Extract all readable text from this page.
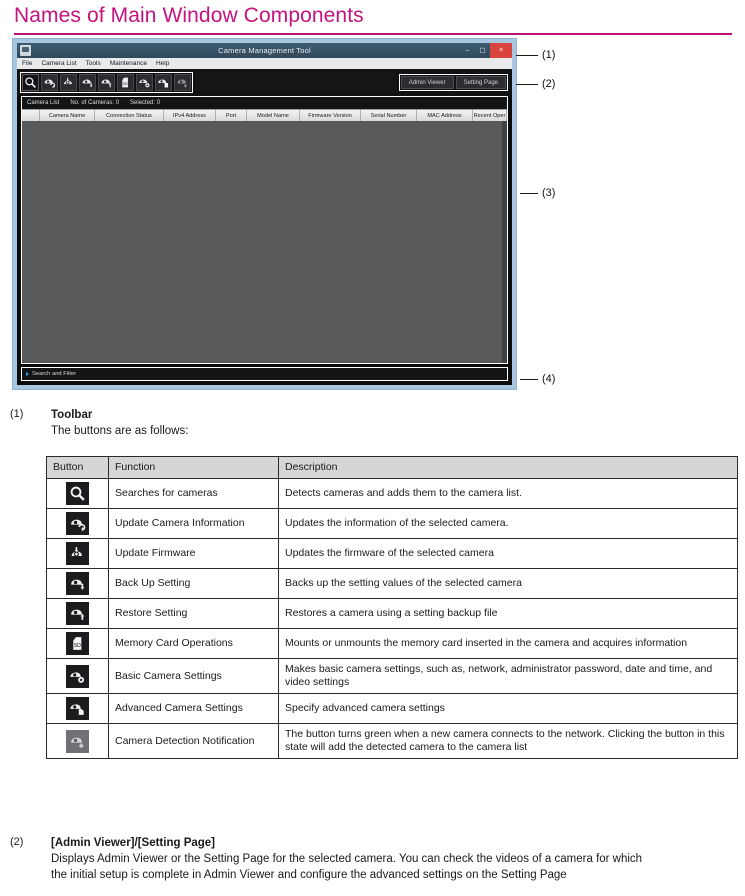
Names of Main Window Components
Camera Management Tool	–	☐	×
File Camera List Tools Maintenance Help
SD	Admin Viewer	Setting Page
Camera List No. of Cameras: 0 Selected: 0
Camera Name	Connection Status	IPv4 Address	Port	Model Name	Firmware Version	Serial Number	MAC Address	Recent Oper
Search and Filter
(1)
(2)
(3)
(4)
(1) Toolbar
The buttons are as follows:
Button	Function	Description

	Searches for cameras	Detects cameras and adds them to the camera list.

	Update Camera Information	Updates the information of the selected camera.

	Update Firmware	Updates the firmware of the selected camera

	Back Up Setting	Backs up the setting values of the selected camera

	Restore Setting	Restores a camera using a setting backup file

SD	Memory Card Operations	Mounts or unmounts the memory card inserted in the camera and acquires information

	Basic Camera Settings	Makes basic camera settings, such as, network, administrator password, date and time, and video settings

	Advanced Camera Settings	Specify advanced camera settings

	Camera Detection Notification	The button turns green when a new camera connects to the network. Clicking the button in this state will add the detected camera to the camera list
(2) [Admin Viewer]/[Setting Page]
Displays Admin Viewer or the Setting Page for the selected camera. You can check the videos of a camera for which
the initial setup is complete in Admin Viewer and configure the advanced settings on the Setting Page
